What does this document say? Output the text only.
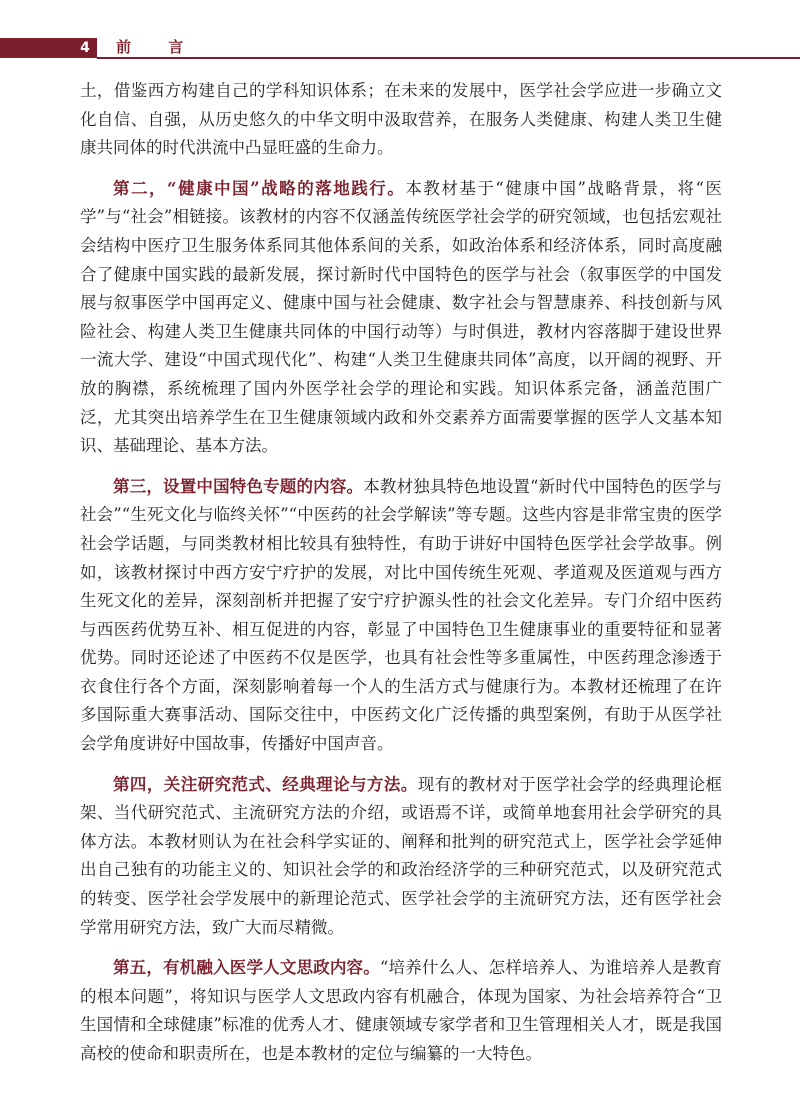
4 前 言

土，借鉴西方构建自己的学科知识体系；在未来的发展中，医学社会学应进一步确立文化自信、自强，从历史悠久的中华文明中汲取营养，在服务人类健康、构建人类卫生健康共同体的时代洪流中凸显旺盛的生命力。

第二，“健康中国”战略的落地践行。本教材基于“健康中国”战略背景，将“医学”与“社会”相链接。该教材的内容不仅涵盖传统医学社会学的研究领域，也包括宏观社会结构中医疗卫生服务体系同其他体系间的关系，如政治体系和经济体系，同时高度融合了健康中国实践的最新发展，探讨新时代中国特色的医学与社会（叙事医学的中国发展与叙事医学中国再定义、健康中国与社会健康、数字社会与智慧康养、科技创新与风险社会、构建人类卫生健康共同体的中国行动等）与时俱进，教材内容落脚于建设世界一流大学、建设“中国式现代化”、构建“人类卫生健康共同体”高度，以开阔的视野、开放的胸襟，系统梳理了国内外医学社会学的理论和实践。知识体系完备，涵盖范围广泛，尤其突出培养学生在卫生健康领域内政和外交素养方面需要掌握的医学人文基本知识、基础理论、基本方法。

第三，设置中国特色专题的内容。本教材独具特色地设置“新时代中国特色的医学与社会”“生死文化与临终关怀”“中医药的社会学解读”等专题。这些内容是非常宝贵的医学社会学话题，与同类教材相比较具有独特性，有助于讲好中国特色医学社会学故事。例如，该教材探讨中西方安宁疗护的发展，对比中国传统生死观、孝道观及医道观与西方生死文化的差异，深刻剖析并把握了安宁疗护源头性的社会文化差异。专门介绍中医药与西医药优势互补、相互促进的内容，彰显了中国特色卫生健康事业的重要特征和显著优势。同时还论述了中医药不仅是医学，也具有社会性等多重属性，中医药理念渗透于衣食住行各个方面，深刻影响着每一个人的生活方式与健康行为。本教材还梳理了在许多国际重大赛事活动、国际交往中，中医药文化广泛传播的典型案例，有助于从医学社会学角度讲好中国故事，传播好中国声音。

第四，关注研究范式、经典理论与方法。现有的教材对于医学社会学的经典理论框架、当代研究范式、主流研究方法的介绍，或语焉不详，或简单地套用社会学研究的具体方法。本教材则认为在社会科学实证的、阐释和批判的研究范式上，医学社会学延伸出自己独有的功能主义的、知识社会学的和政治经济学的三种研究范式，以及研究范式的转变、医学社会学发展中的新理论范式、医学社会学的主流研究方法，还有医学社会学常用研究方法，致广大而尽精微。

第五，有机融入医学人文思政内容。“培养什么人、怎样培养人、为谁培养人是教育的根本问题”，将知识与医学人文思政内容有机融合，体现为国家、为社会培养符合“卫生国情和全球健康”标准的优秀人才、健康领域专家学者和卫生管理相关人才，既是我国高校的使命和职责所在，也是本教材的定位与编纂的一大特色。
